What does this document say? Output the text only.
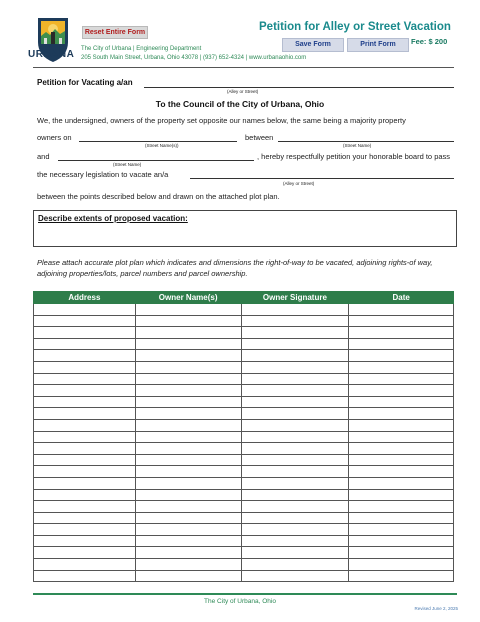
URBANA
Reset Entire Form	Petition for Alley or Street Vacation
Save Form	Print Form	Fee: $ 200
The City of Urbana | Engineering Department
205 South Main Street, Urbana, Ohio 43078 | (937) 652-4324 | www.urbanaohio.com
Petition for Vacating a/an
(Alley or Street)
To the Council of the City of Urbana, Ohio
We, the undersigned, owners of the property set opposite our names below, the same being a majority property
owners on	between
(Street Name(s))	(Street Name)
and	, hereby respectfully petition your honorable board to pass
(Street Name)
the necessary legislation to vacate an/a
(Alley or Street)
between the points described below and drawn on the attached plot plan.
Describe extents of proposed vacation:
Please attach accurate plot plan which indicates and dimensions the right-of-way to be vacated, adjoining rights-of way, adjoining properties/lots, parcel numbers and parcel ownership.
Address	Owner Name(s)	Owner Signature	Date

The City of Urbana, Ohio
Revised June 2, 2025
